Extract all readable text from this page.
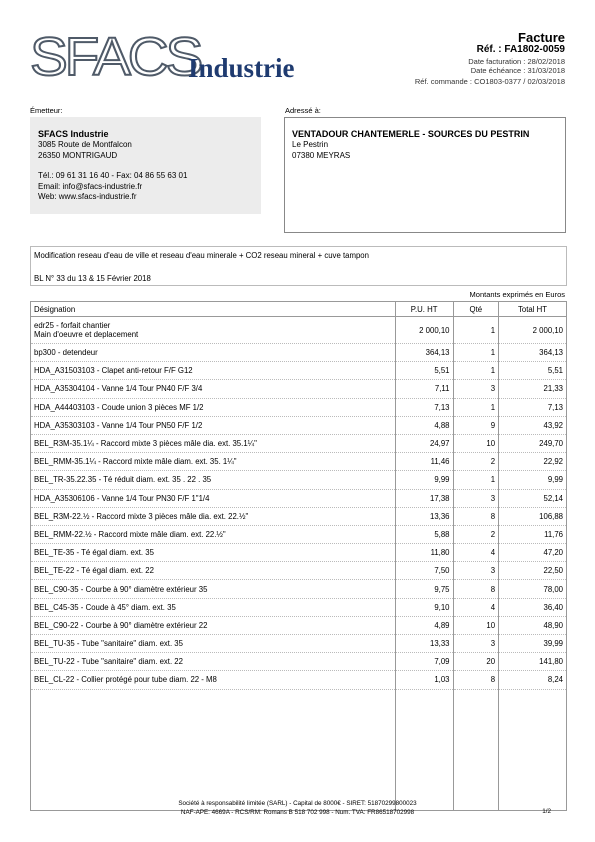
SFACS
Industrie
Facture
Réf. : FA1802-0059
Date facturation : 28/02/2018
Date échéance : 31/03/2018
Réf. commande : CO1803-0377 / 02/03/2018
Émetteur:
SFACS Industrie
3085 Route de Montfalcon
26350 MONTRIGAUD
Tél.: 09 61 31 16 40 - Fax: 04 86 55 63 01
Email: info@sfacs-industrie.fr
Web: www.sfacs-industrie.fr
Adressé à:
VENTADOUR CHANTEMERLE - SOURCES DU PESTRIN
Le Pestrin
07380 MEYRAS
Modification reseau d'eau de ville et reseau d'eau minerale + CO2 reseau mineral + cuve tampon
BL N° 33 du 13 & 15 Février 2018
Montants exprimés en Euros
Désignation	P.U. HT	Qté	Total HT

edr25 - forfait chantier
Main d'oeuvre et deplacement	2 000,10	1	2 000,10

bp300 - detendeur	364,13	1	364,13

HDA_A31503103 - Clapet anti-retour F/F G12	5,51	1	5,51

HDA_A35304104 - Vanne 1/4 Tour PN40 F/F 3/4	7,11	3	21,33

HDA_A44403103 - Coude union 3 pièces MF 1/2	7,13	1	7,13

HDA_A35303103 - Vanne 1/4 Tour PN50 F/F 1/2	4,88	9	43,92

BEL_R3M-35.1¼ - Raccord mixte 3 pièces mâle dia. ext. 35.1¼"	24,97	10	249,70

BEL_RMM-35.1¼ - Raccord mixte mâle diam. ext. 35. 1¼"	11,46	2	22,92

BEL_TR-35.22.35 - Té réduit diam. ext. 35 . 22 . 35	9,99	1	9,99

HDA_A35306106 - Vanne 1/4 Tour PN30 F/F 1"1/4	17,38	3	52,14

BEL_R3M-22.½ - Raccord mixte 3 pièces mâle dia. ext. 22.½"	13,36	8	106,88

BEL_RMM-22.½ - Raccord mixte mâle diam. ext. 22.½"	5,88	2	11,76

BEL_TE-35 - Té égal diam. ext. 35	11,80	4	47,20

BEL_TE-22 - Té égal diam. ext. 22	7,50	3	22,50

BEL_C90-35 - Courbe à 90° diamètre extérieur 35	9,75	8	78,00

BEL_C45-35 - Coude à 45° diam. ext. 35	9,10	4	36,40

BEL_C90-22 - Courbe à 90° diamètre extérieur 22	4,89	10	48,90

BEL_TU-35 - Tube "sanitaire" diam. ext. 35	13,33	3	39,99

BEL_TU-22 - Tube "sanitaire" diam. ext. 22	7,09	20	141,80

BEL_CL-22 - Collier protégé pour tube diam. 22 - M8	1,03	8	8,24

Société à responsabilité limitée (SARL) - Capital de 8000€ - SIRET: 51870299800023
NAF-APE: 4669A - RCS/RM: Romans B 518 702 998 - Num. TVA: FR86518702998	1/2
